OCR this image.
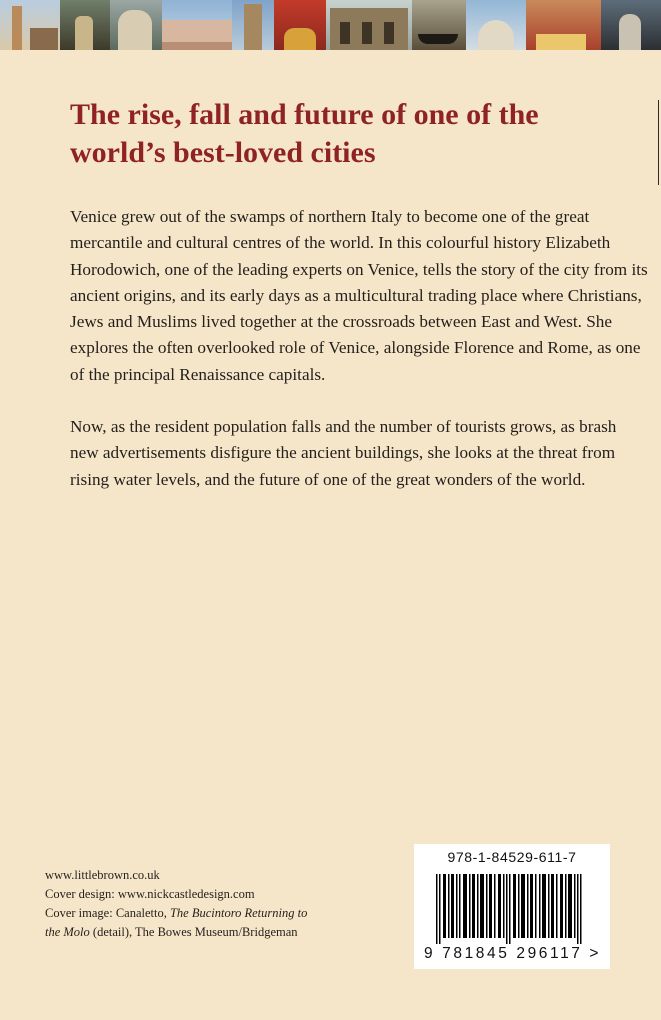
The rise, fall and future of one of the
world’s best-loved cities

Venice grew out of the swamps of northern Italy to become one of the great mercantile and cultural centres of the world. In this colourful history Elizabeth Horodowich, one of the leading experts on Venice, tells the story of the city from its ancient origins, and its early days as a multicultural trading place where Christians, Jews and Muslims lived together at the crossroads between East and West. She explores the often overlooked role of Venice, alongside Florence and Rome, as one of the principal Renaissance capitals.

Now, as the resident population falls and the number of tourists grows, as brash new advertisements disfigure the ancient buildings, she looks at the threat from rising water levels, and the future of one of the great wonders of the world.

www.littlebrown.co.uk
Cover design: www.nickcastledesign.com
Cover image: Canaletto, The Bucintoro Returning to
the Molo (detail), The Bowes Museum/Bridgeman
978-1-84529-611-7
9 781845 296117 >
